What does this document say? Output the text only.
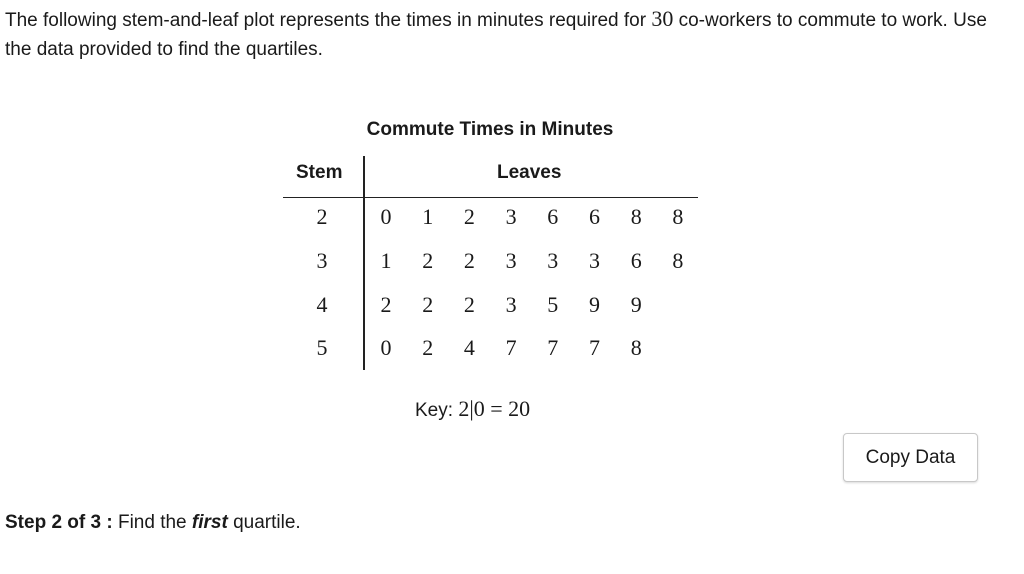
The following stem-and-leaf plot represents the times in minutes required for 30 co-workers to commute to work. Use the data provided to find the quartiles.
Commute Times in Minutes
Stem	Leaves
2	0 1 2 3 6 6 8 8
3	1 2 2 3 3 3 6 8
4	2 2 2 3 5 9 9
5	0 2 4 7 7 7 8
Key: 2|0 = 20
Copy Data
Step 2 of 3 : Find the first quartile.
